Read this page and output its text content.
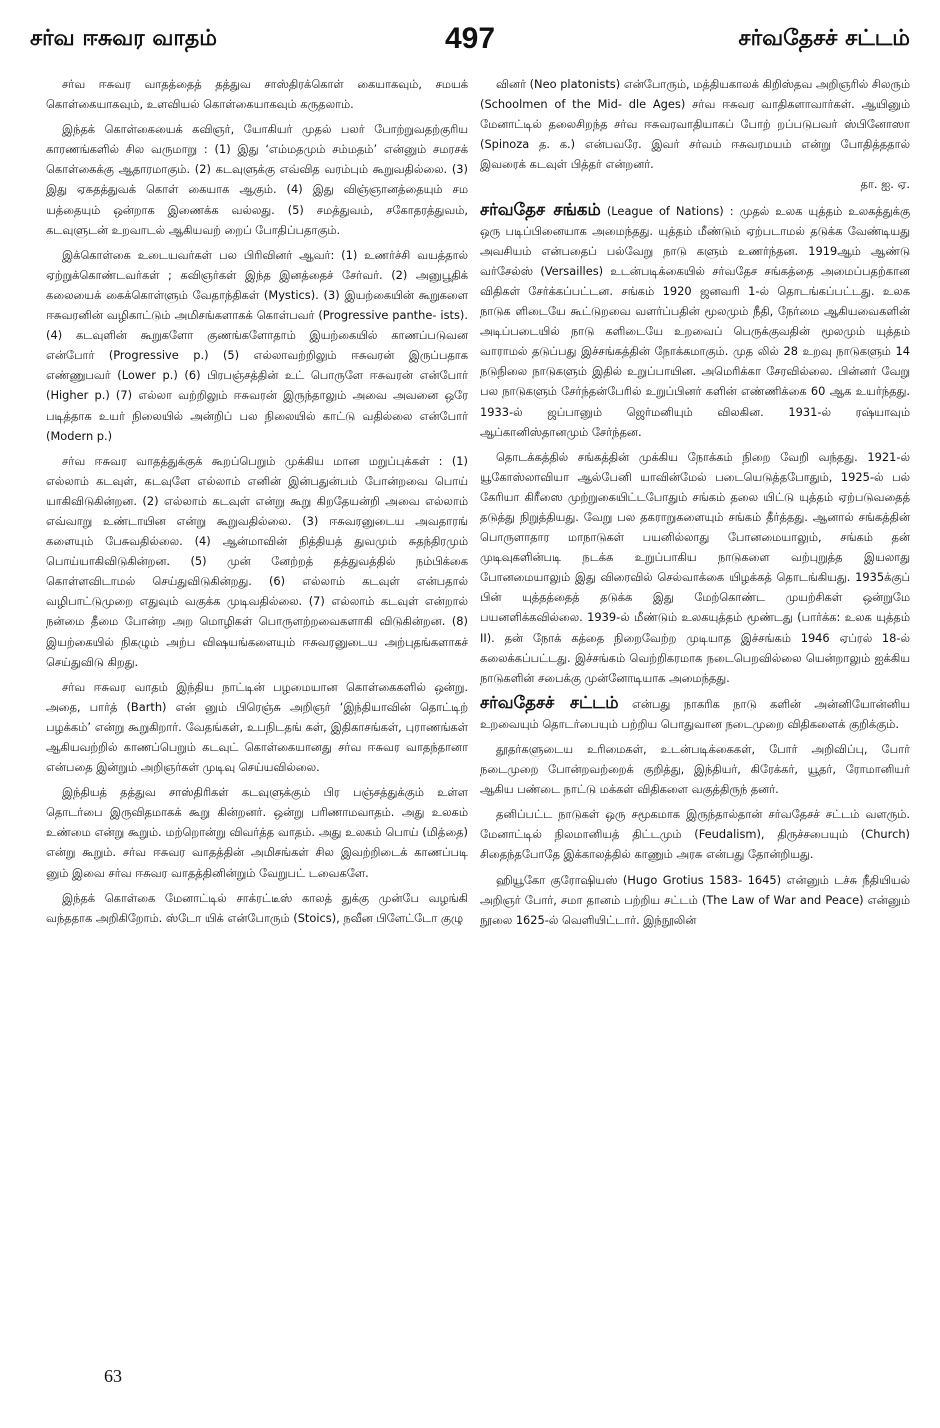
சர்வ ஈசுவர வாதம்	497	சர்வதேசச் சட்டம்

சர்வ ஈசுவர வாதத்தைத் தத்துவ சாஸ்திரக்கொள் கையாகவும், சமயக் கொள்கையாகவும், உளவியல் கொள்கையாகவும் கருதலாம்.

இந்தக் கொள்கையைக் கவிஞர், யோகியர் முதல் பலர் போற்றுவதற்குரிய காரணங்களில் சில வருமாறு : (1) இது ‘எம்மதமும் சம்மதம்’ என்னும் சமரசக் கொள்கைக்கு ஆதாரமாகும். (2) கடவுளுக்கு எவ்வித வரம்பும் கூறுவதில்லை. (3) இது ஏகதத்துவக் கொள் கையாக ஆகும். (4) இது விஞ்ஞானத்தையும் சம யத்தையும் ஒன்றாக இணைக்க வல்லது. (5) சமத்துவம், சகோதரத்துவம், கடவுளுடன் உறவாடல் ஆகியவற் றைப் போதிப்பதாகும்.

இக்கொள்கை உடையவர்கள் பல பிரிவினர் ஆவர்: (1) உணர்ச்சி வயத்தால் ஏற்றுக்கொண்டவர்கள் ; கவிஞர்கள் இந்த இனத்தைச் சேர்வர். (2) அனுபூதிக் கலையைக் கைக்கொள்ளும் வேதாந்திகள் (Mystics). (3) இயற்கையின் கூறுகளை ஈசுவரனின் வழிகாட்டும் அமிசங்களாகக் கொள்பவர் (Progressive panthe- ists). (4) கடவுளின் கூறுகளோ குணங்களோதாம் இயற்கையில் காணப்படுவன என்போர் (Progressive p.) (5) எல்லாவற்றிலும் ஈசுவரன் இருப்பதாக எண்ணுபவர் (Lower p.) (6) பிரபஞ்சத்தின் உட் பொருளே ஈசுவரன் என்போர் (Higher p.) (7) எல்லா வற்றிலும் ஈசுவரன் இருந்தாலும் அவை அவனை ஒரே படித்தாக உயர் நிலையில் அன்றிப் பல நிலையில் காட்டு வதில்லை என்போர் (Modern p.)

சர்வ ஈசுவர வாதத்துக்குக் கூறப்பெறும் முக்கிய மான மறுப்புக்கள் : (1) எல்லாம் கடவுள், கடவுளே எல்லாம் எனின் இன்பதுன்பம் போன்றவை பொய் யாகிவிடுகின்றன. (2) எல்லாம் கடவுள் என்று கூறு கிறதேயன்றி அவை எல்லாம் எவ்வாறு உண்டாயின என்று கூறுவதில்லை. (3) ஈசுவரனுடைய அவதாரங் களையும் பேசுவதில்லை. (4) ஆன்மாவின் நித்தியத் துவமும் சுதந்திரமும் பொய்யாகிவிடுகின்றன. (5) முன் னேற்றத் தத்துவத்தில் நம்பிக்கை கொள்ளவிடாமல் செய்துவிடுகின்றது. (6) எல்லாம் கடவுள் என்பதால் வழிபாட்டுமுறை எதுவும் வகுக்க முடிவதில்லை. (7) எல்லாம் கடவுள் என்றால் நன்மை தீமை போன்ற அற மொழிகள் பொருளற்றவைகளாகி விடுகின்றன. (8) இயற்கையில் நிகழும் அற்ப விஷயங்களையும் ஈசுவரனுடைய அற்புதங்களாகச் செய்துவிடு கிறது.

சர்வ ஈசுவர வாதம் இந்திய நாட்டின் பழமையான கொள்கைகளில் ஒன்று. அதை, பார்த் (Barth) என் னும் பிரெஞ்சு அறிஞர் ‘இந்தியாவின் தொட்டிற் பழக்கம்’ என்று கூறுகிறார். வேதங்கள், உபநிடதங் கள், இதிகாசங்கள், புராணங்கள் ஆகியவற்றில் காணப்பெறும் கடவுட் கொள்கையானது சர்வ ஈசுவர வாதந்தானா என்பதை இன்றும் அறிஞர்கள் முடிவு செய்யவில்லை.

இந்தியத் தத்துவ சாஸ்திரிகள் கடவுளுக்கும் பிர பஞ்சத்துக்கும் உள்ள தொடர்பை இருவிதமாகக் கூறு கின்றனர். ஒன்று பரிணாமவாதம். அது உலகம் உண்மை என்று கூறும். மற்றொன்று விவர்த்த வாதம். அது உலகம் பொய் (மித்தை) என்று கூறும். சர்வ ஈசுவர வாதத்தின் அமிசங்கள் சில இவற்றிடைக் காணப்படி னும் இவை சர்வ ஈசுவர வாதத்தினின்றும் வேறுபட் டவைகளே.

இந்தக் கொள்கை மேனாட்டில் சாக்ரட்டீஸ் காலத் துக்கு முன்பே வழங்கி வந்ததாக அறிகிறோம். ஸ்டோ யிக் என்போரும் (Stoics), நவீன பிளேட்டோ குழு

வினர் (Neo platonists) என்போரும், மத்தியகாலக் கிறிஸ்தவ அறிஞரில் சிலரும் (Schoolmen of the Mid- dle Ages) சர்வ ஈசுவர வாதிகளாவார்கள். ஆயினும் மேனாட்டில் தலைசிறந்த சர்வ ஈசுவரவாதியாகப் போற் றப்படுபவர் ஸ்பினோஸா (Spinoza த. க.) என்பவரே. இவர் சர்வம் ஈசுவரமயம் என்று போதித்ததால் இவரைக் கடவுள் பித்தர் என்றனர்.
தா. ஐ. ஏ.

சர்வதேச சங்கம் (League of Nations) : முதல் உலக யுத்தம் உலகத்துக்கு ஒரு படிப்பினையாக அமைந்தது. யுத்தம் மீண்டும் ஏற்படாமல் தடுக்க வேண்டியது அவசியம் என்பதைப் பல்வேறு நாடு களும் உணர்ந்தன. 1919ஆம் ஆண்டு வர்சேல்ஸ் (Versailles) உடன்படிக்கையில் சர்வதேச சங்கத்தை அமைப்பதற்கான விதிகள் சேர்க்கப்பட்டன. சங்கம் 1920 ஜனவரி 1-ல் தொடங்கப்பட்டது. உலக நாடுக ளிடையே கூட்டுறவை வளர்ப்பதின் மூலமும் நீதி, நேர்மை ஆகியவைகளின் அடிப்படையில் நாடு களிடையே உறவைப் பெருக்குவதின் மூலமும் யுத்தம் வாராமல் தடுப்பது இச்சங்கத்தின் நோக்கமாகும். முத லில் 28 உறவு நாடுகளும் 14 நடுநிலை நாடுகளும் இதில் உறுப்பாயின. அமெரிக்கா சேரவில்லை. பின்னர் வேறு பல நாடுகளும் சேர்ந்தன்பேரில் உறுப்பினர் களின் எண்ணிக்கை 60 ஆக உயர்ந்தது. 1933-ல் ஜப்பானும் ஜெர்மனியும் விலகின. 1931-ல் ரஷ்யாவும் ஆப்கானிஸ்தானமும் சேர்ந்தன.

தொடக்கத்தில் சங்கத்தின் முக்கிய நோக்கம் நிறை வேறி வந்தது. 1921-ல் யூகோஸ்லாவியா ஆல்பேனி யாவின்மேல் படையெடுத்தபோதும், 1925-ல் பல் கேரியா கிரீஸை முற்றுகையிட்டபோதும் சங்கம் தலை யிட்டு யுத்தம் ஏற்படுவதைத் தடுத்து நிறுத்தியது. வேறு பல தகராறுகளையும் சங்கம் தீர்த்தது. ஆனால் சங்கத்தின் பொருளாதார மாநாடுகள் பயனில்லாது போனமையாலும், சங்கம் தன் முடிவுகளின்படி நடக்க உறுப்பாகிய நாடுகளை வற்புறுத்த இயலாது போனமையாலும் இது விரைவில் செல்வாக்கை யிழக்கத் தொடங்கியது. 1935க்குப் பின் யுத்தத்தைத் தடுக்க இது மேற்கொண்ட முயற்சிகள் ஒன்றுமே பயனளிக்கவில்லை. 1939-ல் மீண்டும் உலகயுத்தம் மூண்டது (பார்க்க: உலக யுத்தம் II). தன் நோக் கத்தை நிறைவேற்ற முடியாத இச்சங்கம் 1946 ஏப்ரல் 18-ல் கலைக்கப்பட்டது. இச்சங்கம் வெற்றிகரமாக நடைபெறவில்லை யென்றாலும் ஐக்கிய நாடுகளின் சபைக்கு முன்னோடியாக அமைந்தது.

சர்வதேசச் சட்டம் என்பது நாகரிக நாடு களின் அன்னியோன்னிய உறவையும் தொடர்பையும் பற்றிய பொதுவான நடைமுறை விதிகளைக் குறிக்கும்.

தூதர்களுடைய உரிமைகள், உடன்படிக்கைகள், போர் அறிவிப்பு, போர் நடைமுறை போன்றவற்றைக் குறித்து, இந்தியர், கிரேக்கர், யூதர், ரோமானியர் ஆகிய பண்டை நாட்டு மக்கள் விதிகளை வகுத்திருந் தனர்.

தனிப்பட்ட நாடுகள் ஒரு சமூகமாக இருந்தால்தான் சர்வதேசச் சட்டம் வளரும். மேனாட்டில் நிலமானியத் திட்டமும் (Feudalism), திருச்சபையும் (Church) சிதைந்தபோதே இக்காலத்தில் காணும் அரசு என்பது தோன்றியது.

ஹியூகோ குரோஷியஸ் (Hugo Grotius 1583- 1645) என்னும் டச்சு நீதியியல் அறிஞர் போர், சமா தானம் பற்றிய சட்டம் (The Law of War and Peace) என்னும் நூலை 1625-ல் வெளியிட்டார். இந்நூலின்

63
